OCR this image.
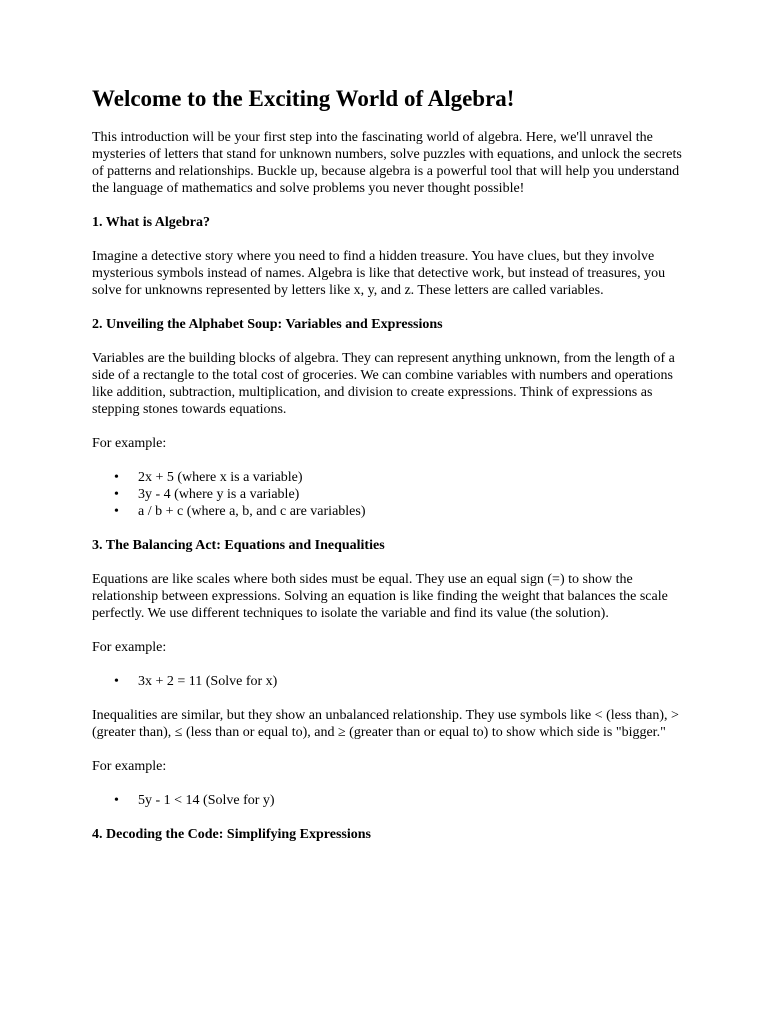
Welcome to the Exciting World of Algebra!

This introduction will be your first step into the fascinating world of algebra. Here, we'll unravel the mysteries of letters that stand for unknown numbers, solve puzzles with equations, and unlock the secrets of patterns and relationships. Buckle up, because algebra is a powerful tool that will help you understand the language of mathematics and solve problems you never thought possible!

1. What is Algebra?

Imagine a detective story where you need to find a hidden treasure. You have clues, but they involve mysterious symbols instead of names. Algebra is like that detective work, but instead of treasures, you solve for unknowns represented by letters like x, y, and z. These letters are called variables.

2. Unveiling the Alphabet Soup: Variables and Expressions

Variables are the building blocks of algebra. They can represent anything unknown, from the length of a side of a rectangle to the total cost of groceries. We can combine variables with numbers and operations like addition, subtraction, multiplication, and division to create expressions. Think of expressions as stepping stones towards equations.

For example:

• 2x + 5 (where x is a variable)
• 3y - 4 (where y is a variable)
• a / b + c (where a, b, and c are variables)
3. The Balancing Act: Equations and Inequalities

Equations are like scales where both sides must be equal. They use an equal sign (=) to show the relationship between expressions. Solving an equation is like finding the weight that balances the scale perfectly. We use different techniques to isolate the variable and find its value (the solution).

For example:

• 3x + 2 = 11 (Solve for x)

Inequalities are similar, but they show an unbalanced relationship. They use symbols like < (less than), > (greater than), ≤ (less than or equal to), and ≥ (greater than or equal to) to show which side is "bigger."

For example:

• 5y - 1 < 14 (Solve for y)
4. Decoding the Code: Simplifying Expressions
